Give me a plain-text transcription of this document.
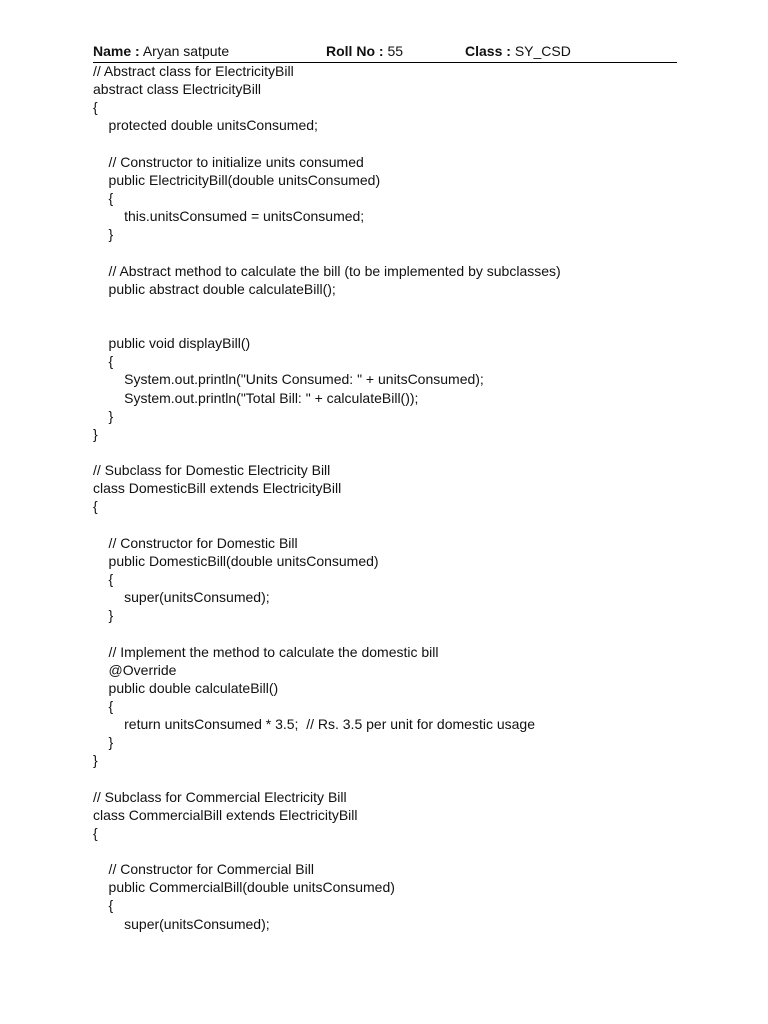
Name : Aryan satpute	Roll No : 55	Class : SY_CSD
// Abstract class for ElectricityBill
abstract class ElectricityBill
{
protected double unitsConsumed;
// Constructor to initialize units consumed
public ElectricityBill(double unitsConsumed)
{
this.unitsConsumed = unitsConsumed;
}
// Abstract method to calculate the bill (to be implemented by subclasses)
public abstract double calculateBill();
public void displayBill()
{
System.out.println("Units Consumed: " + unitsConsumed);
System.out.println("Total Bill: " + calculateBill());
}
}
// Subclass for Domestic Electricity Bill
class DomesticBill extends ElectricityBill
{
// Constructor for Domestic Bill
public DomesticBill(double unitsConsumed)
{
super(unitsConsumed);
}
// Implement the method to calculate the domestic bill
@Override
public double calculateBill()
{
return unitsConsumed * 3.5;  // Rs. 3.5 per unit for domestic usage
}
}
// Subclass for Commercial Electricity Bill
class CommercialBill extends ElectricityBill
{
// Constructor for Commercial Bill
public CommercialBill(double unitsConsumed)
{
super(unitsConsumed);
